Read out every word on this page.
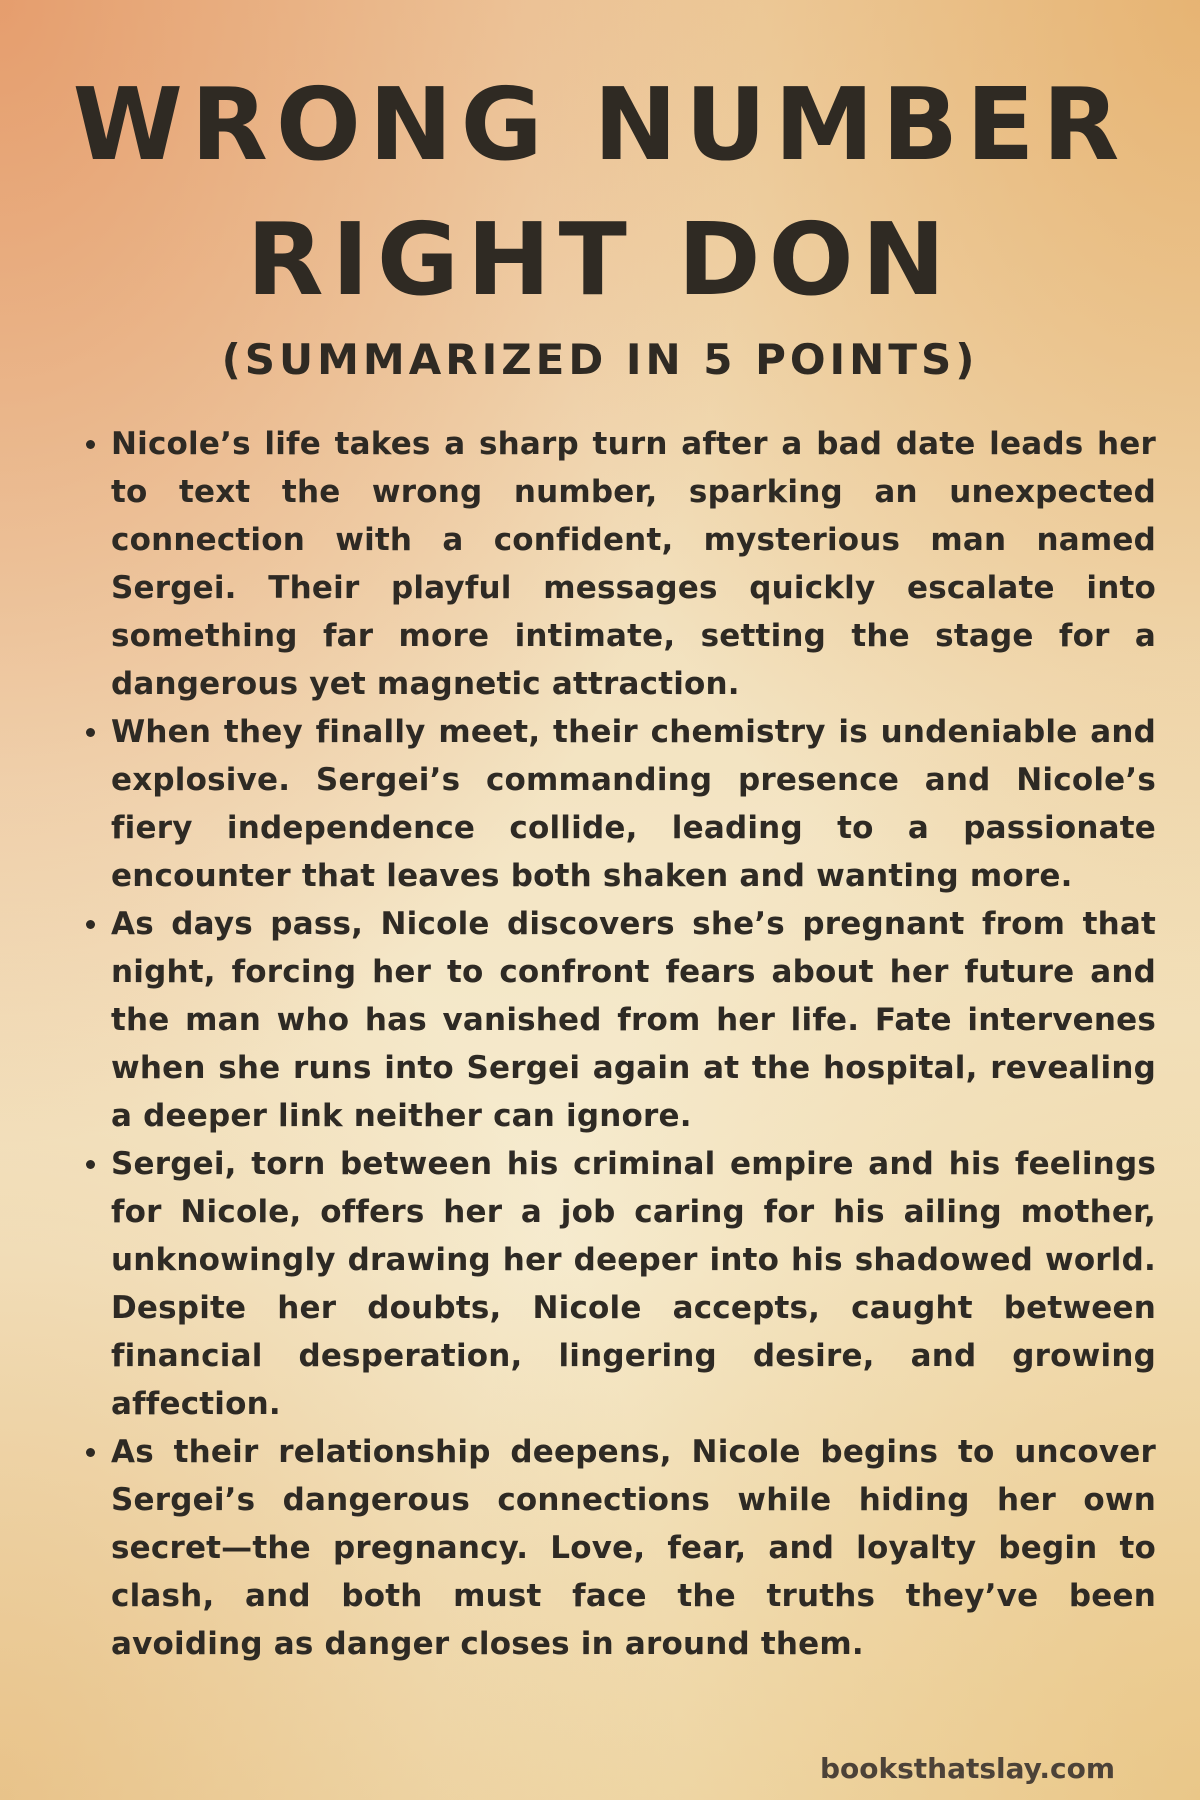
WRONG NUMBER
RIGHT DON
(SUMMARIZED IN 5 POINTS)
Nicole’s life takes a sharp turn after a bad date leads her to text the wrong number, sparking an unexpected connection with a confident, mysterious man named Sergei. Their playful messages quickly escalate into something far more intimate, setting the stage for a dangerous yet magnetic attraction.
When they finally meet, their chemistry is undeniable and explosive. Sergei’s commanding presence and Nicole’s fiery independence collide, leading to a passionate encounter that leaves both shaken and wanting more.
As days pass, Nicole discovers she’s pregnant from that night, forcing her to confront fears about her future and the man who has vanished from her life. Fate intervenes when she runs into Sergei again at the hospital, revealing a deeper link neither can ignore.
Sergei, torn between his criminal empire and his feelings for Nicole, offers her a job caring for his ailing mother, unknowingly drawing her deeper into his shadowed world. Despite her doubts, Nicole accepts, caught between financial desperation, lingering desire, and growing affection.
As their relationship deepens, Nicole begins to uncover Sergei’s dangerous connections while hiding her own secret—the pregnancy. Love, fear, and loyalty begin to clash, and both must face the truths they’ve been avoiding as danger closes in around them.
booksthatslay.com
